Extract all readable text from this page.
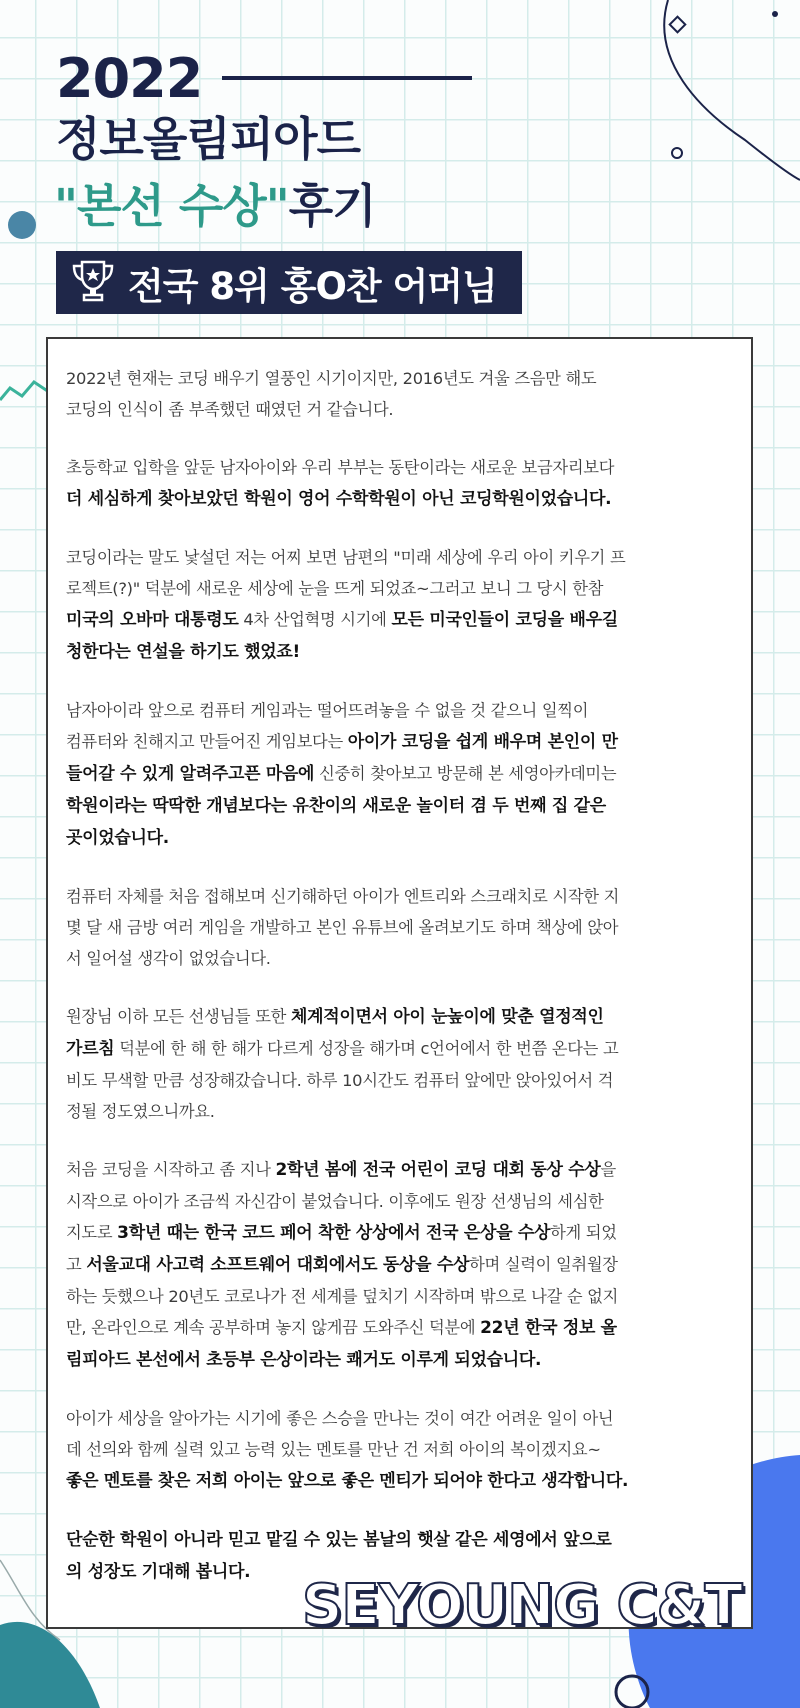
2022
정보올림피아드
"본선 수상"후기
전국 8위 홍O찬 어머님

2022년 현재는 코딩 배우기 열풍인 시기이지만, 2016년도 겨울 즈음만 해도
코딩의 인식이 좀 부족했던 때였던 거 같습니다.

초등학교 입학을 앞둔 남자아이와 우리 부부는 동탄이라는 새로운 보금자리보다
더 세심하게 찾아보았던 학원이 영어 수학학원이 아닌 코딩학원이었습니다.

코딩이라는 말도 낯설던 저는 어찌 보면 남편의 "미래 세상에 우리 아이 키우기 프
로젝트(?)" 덕분에 새로운 세상에 눈을 뜨게 되었죠~그러고 보니 그 당시 한참
미국의 오바마 대통령도 4차 산업혁명 시기에 모든 미국인들이 코딩을 배우길
청한다는 연설을 하기도 했었죠!

남자아이라 앞으로 컴퓨터 게임과는 떨어뜨려놓을 수 없을 것 같으니 일찍이
컴퓨터와 친해지고 만들어진 게임보다는 아이가 코딩을 쉽게 배우며 본인이 만
들어갈 수 있게 알려주고픈 마음에 신중히 찾아보고 방문해 본 세영아카데미는
학원이라는 딱딱한 개념보다는 유찬이의 새로운 놀이터 겸 두 번째 집 같은
곳이었습니다.

컴퓨터 자체를 처음 접해보며 신기해하던 아이가 엔트리와 스크래치로 시작한 지
몇 달 새 금방 여러 게임을 개발하고 본인 유튜브에 올려보기도 하며 책상에 앉아
서 일어설 생각이 없었습니다.

원장님 이하 모든 선생님들 또한 체계적이면서 아이 눈높이에 맞춘 열정적인
가르침 덕분에 한 해 한 해가 다르게 성장을 해가며 c언어에서 한 번쯤 온다는 고
비도 무색할 만큼 성장해갔습니다. 하루 10시간도 컴퓨터 앞에만 앉아있어서 걱
정될 정도였으니까요.

처음 코딩을 시작하고 좀 지나 2학년 봄에 전국 어린이 코딩 대회 동상 수상을
시작으로 아이가 조금씩 자신감이 붙었습니다. 이후에도 원장 선생님의 세심한
지도로 3학년 때는 한국 코드 페어 착한 상상에서 전국 은상을 수상하게 되었
고 서울교대 사고력 소프트웨어 대회에서도 동상을 수상하며 실력이 일취월장
하는 듯했으나 20년도 코로나가 전 세계를 덮치기 시작하며 밖으로 나갈 순 없지
만, 온라인으로 계속 공부하며 놓지 않게끔 도와주신 덕분에 22년 한국 정보 올
림피아드 본선에서 초등부 은상이라는 쾌거도 이루게 되었습니다.

아이가 세상을 알아가는 시기에 좋은 스승을 만나는 것이 여간 어려운 일이 아닌
데 선의와 함께 실력 있고 능력 있는 멘토를 만난 건 저희 아이의 복이겠지요~
좋은 멘토를 찾은 저희 아이는 앞으로 좋은 멘티가 되어야 한다고 생각합니다.

단순한 학원이 아니라 믿고 맡길 수 있는 봄날의 햇살 같은 세영에서 앞으로
의 성장도 기대해 봅니다.

SEYOUNG C&T
